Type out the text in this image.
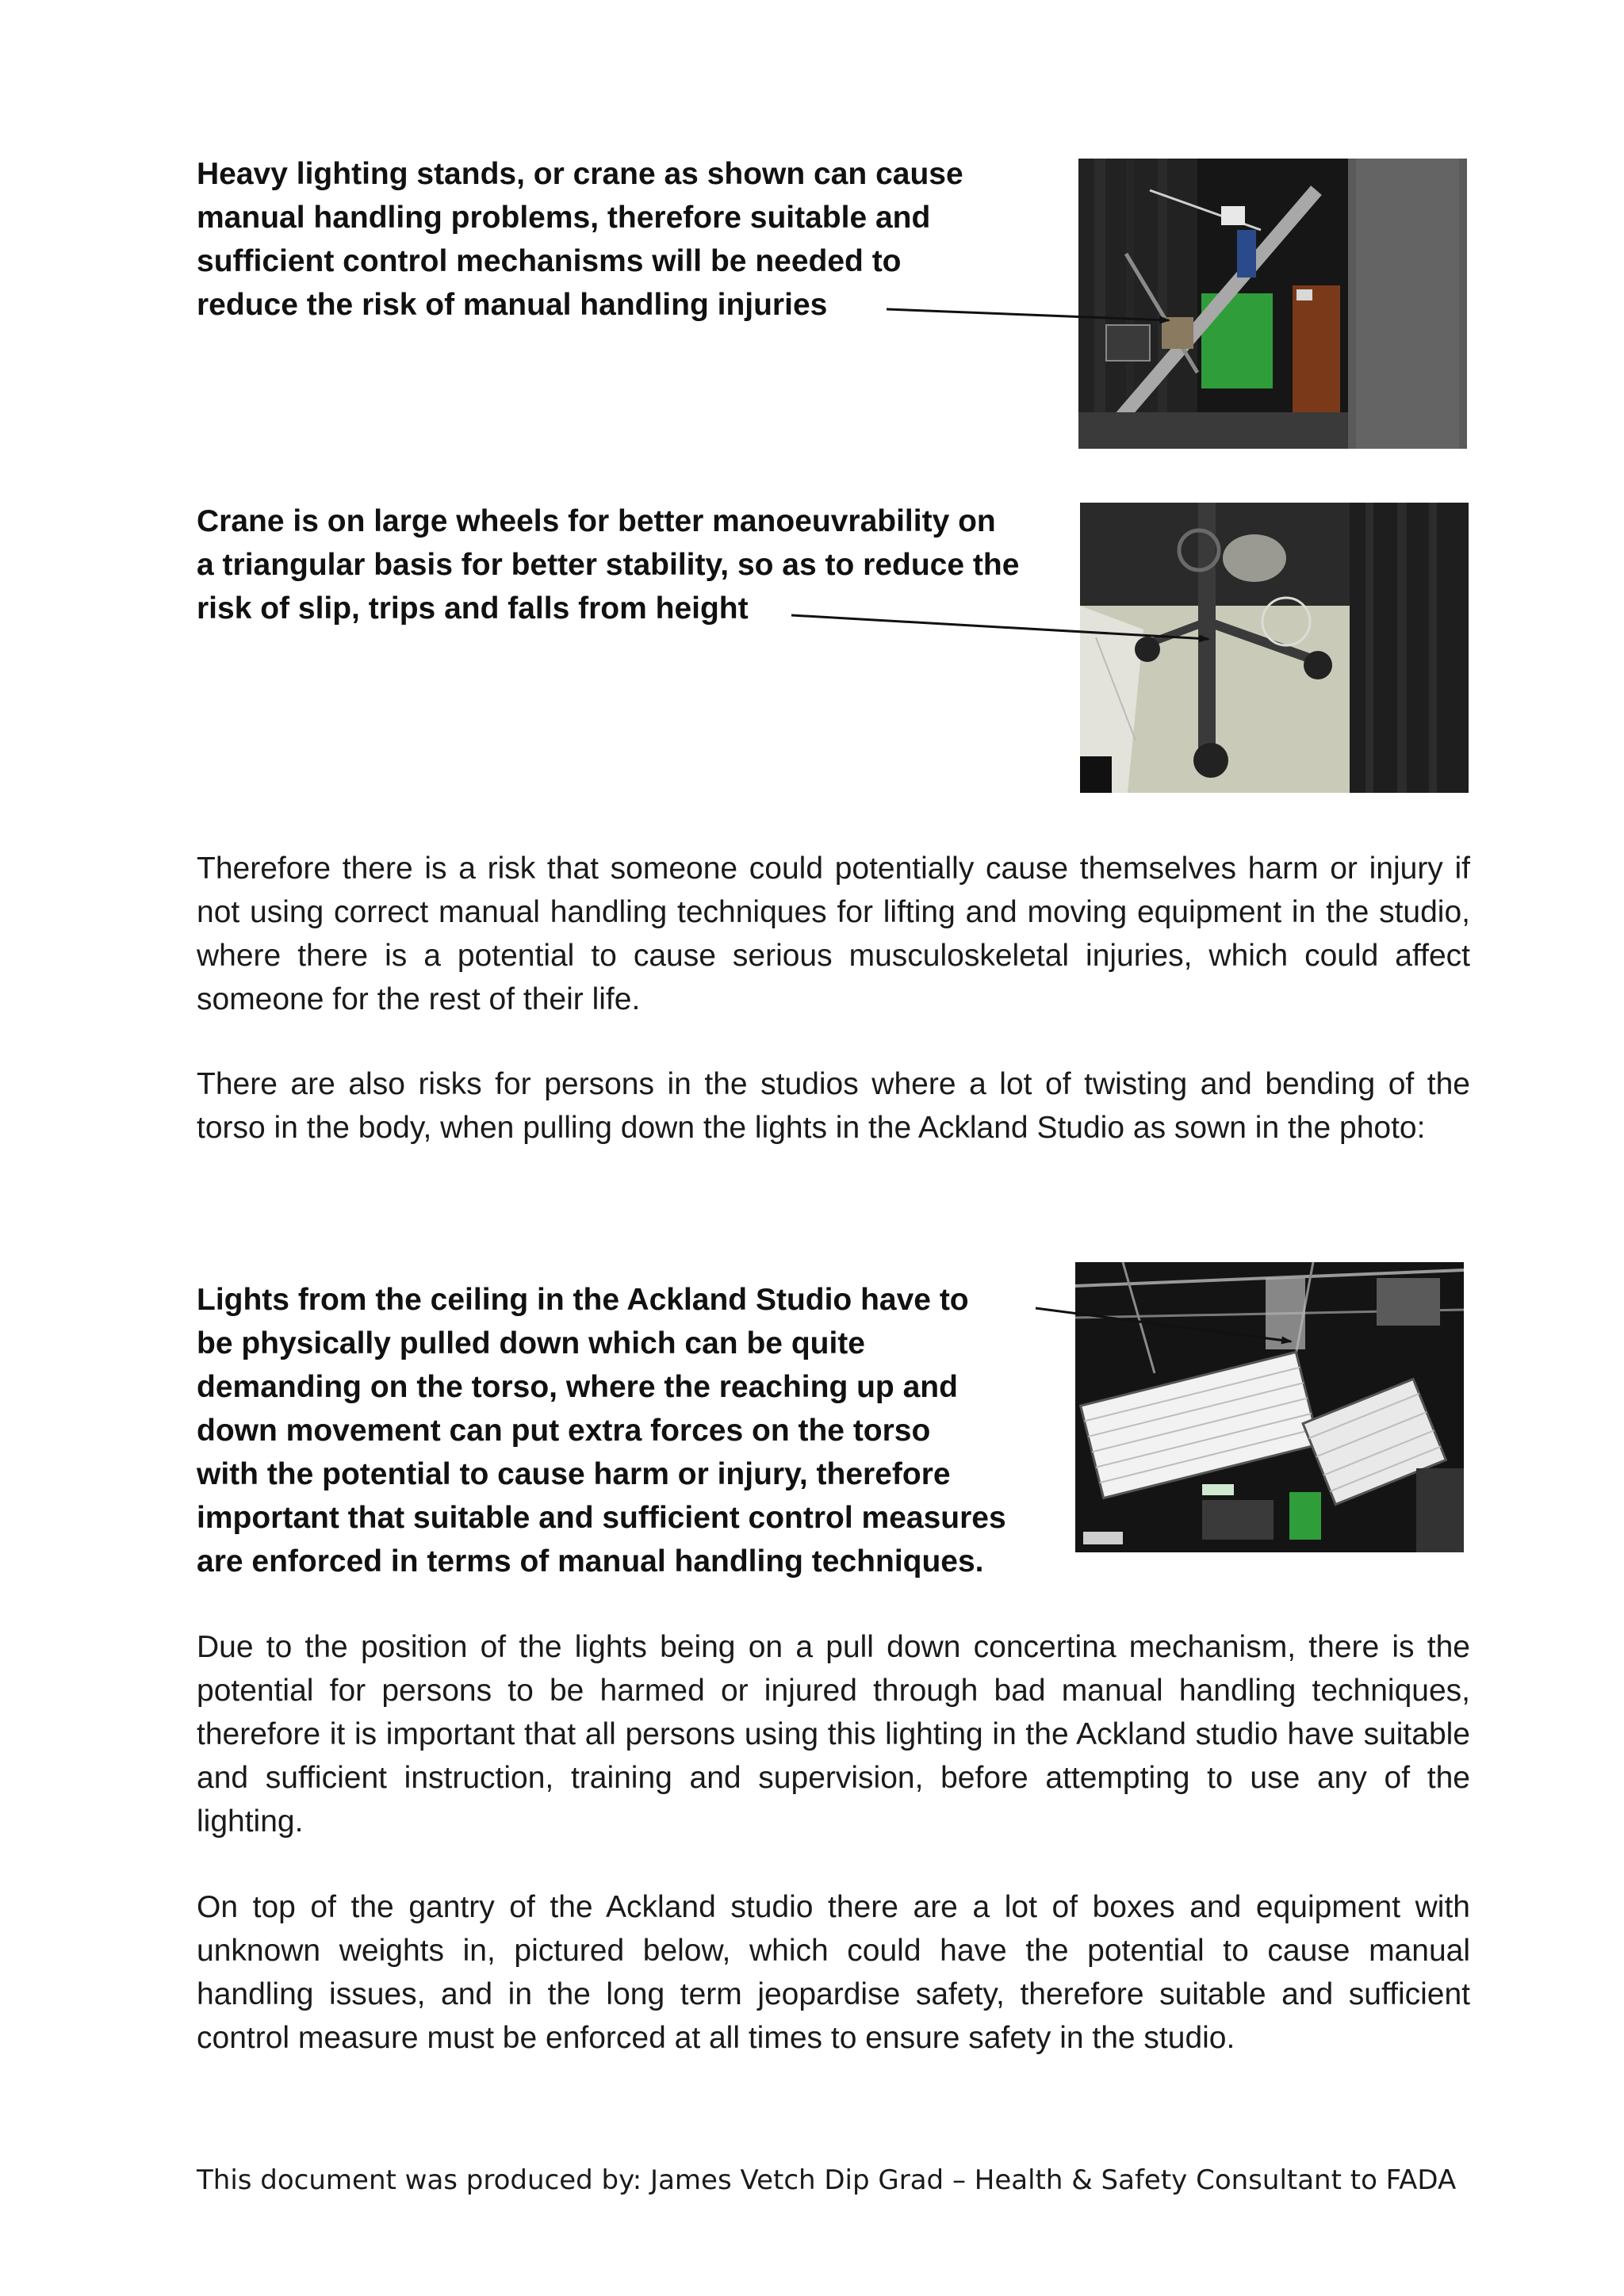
Heavy lighting stands, or crane as shown can cause
manual handling problems, therefore suitable and
sufficient control mechanisms will be needed to
reduce the risk of manual handling injuries
Crane is on large wheels for better manoeuvrability on
a triangular basis for better stability, so as to reduce the
risk of slip, trips and falls from height
Therefore there is a risk that someone could potentially cause themselves harm or injury if not using correct manual handling techniques for lifting and moving equipment in the studio, where there is a potential to cause serious musculoskeletal injuries, which could affect someone for the rest of their life.
There are also risks for persons in the studios where a lot of twisting and bending of the torso in the body, when pulling down the lights in the Ackland Studio as sown in the photo:
Lights from the ceiling in the Ackland Studio have to
be physically pulled down which can be quite
demanding on the torso, where the reaching up and
down movement can put extra forces on the torso
with the potential to cause harm or injury, therefore
important that suitable and sufficient control measures
are enforced in terms of manual handling techniques.
Due to the position of the lights being on a pull down concertina mechanism, there is the potential for persons to be harmed or injured through bad manual handling techniques, therefore it is important that all persons using this lighting in the Ackland studio have suitable and sufficient instruction, training and supervision, before attempting to use any of the lighting.
On top of the gantry of the Ackland studio there are a lot of boxes and equipment with unknown weights in, pictured below, which could have the potential to cause manual handling issues, and in the long term jeopardise safety, therefore suitable and sufficient control measure must be enforced at all times to ensure safety in the studio.
This document was produced by: James Vetch Dip Grad – Health & Safety Consultant to FADA
